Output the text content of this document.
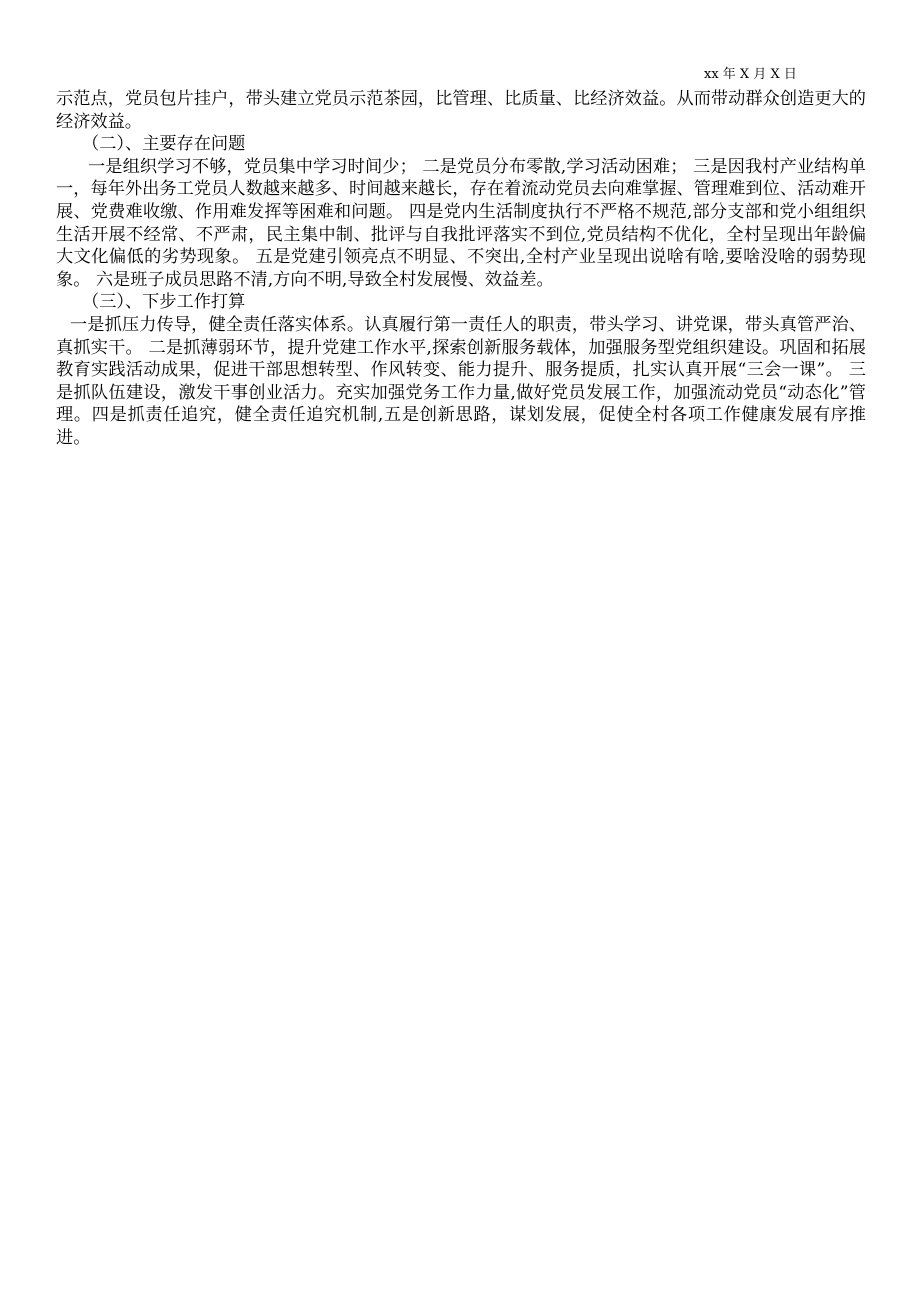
xx 年 X 月 X 日

示范点，党员包片挂户，带头建立党员示范茶园，比管理、比质量、比经济效益。从而带动群众创造更大的经济效益。

（二）、主要存在问题

一是组织学习不够，党员集中学习时间少； 二是党员分布零散,学习活动困难； 三是因我村产业结构单一，每年外出务工党员人数越来越多、时间越来越长，存在着流动党员去向难掌握、管理难到位、活动难开展、党费难收缴、作用难发挥等困难和问题。 四是党内生活制度执行不严格不规范,部分支部和党小组组织生活开展不经常、不严肃，民主集中制、批评与自我批评落实不到位,党员结构不优化，全村呈现出年龄偏大文化偏低的劣势现象。 五是党建引领亮点不明显、不突出,全村产业呈现出说啥有啥,要啥没啥的弱势现象。 六是班子成员思路不清,方向不明,导致全村发展慢、效益差。

（三）、下步工作打算

一是抓压力传导，健全责任落实体系。认真履行第一责任人的职责，带头学习、讲党课，带头真管严治、真抓实干。 二是抓薄弱环节，提升党建工作水平,探索创新服务载体，加强服务型党组织建设。巩固和拓展教育实践活动成果，促进干部思想转型、作风转变、能力提升、服务提质，扎实认真开展“三会一课”。 三是抓队伍建设，激发干事创业活力。充实加强党务工作力量,做好党员发展工作，加强流动党员“动态化”管理。四是抓责任追究，健全责任追究机制,五是创新思路，谋划发展，促使全村各项工作健康发展有序推进。
